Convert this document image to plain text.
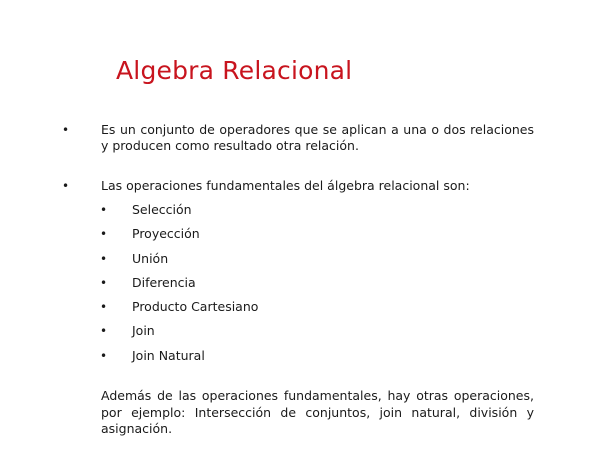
Algebra Relacional
•	Es un conjunto de operadores que se aplican a una o dos relaciones y producen como resultado otra relación.
•	Las operaciones fundamentales del álgebra relacional son:
• Selección
• Proyección
• Unión
• Diferencia
• Producto Cartesiano
• Join
• Join Natural
Además de las operaciones fundamentales, hay otras operaciones, por ejemplo: Intersección de conjuntos, join natural, división y asignación.
